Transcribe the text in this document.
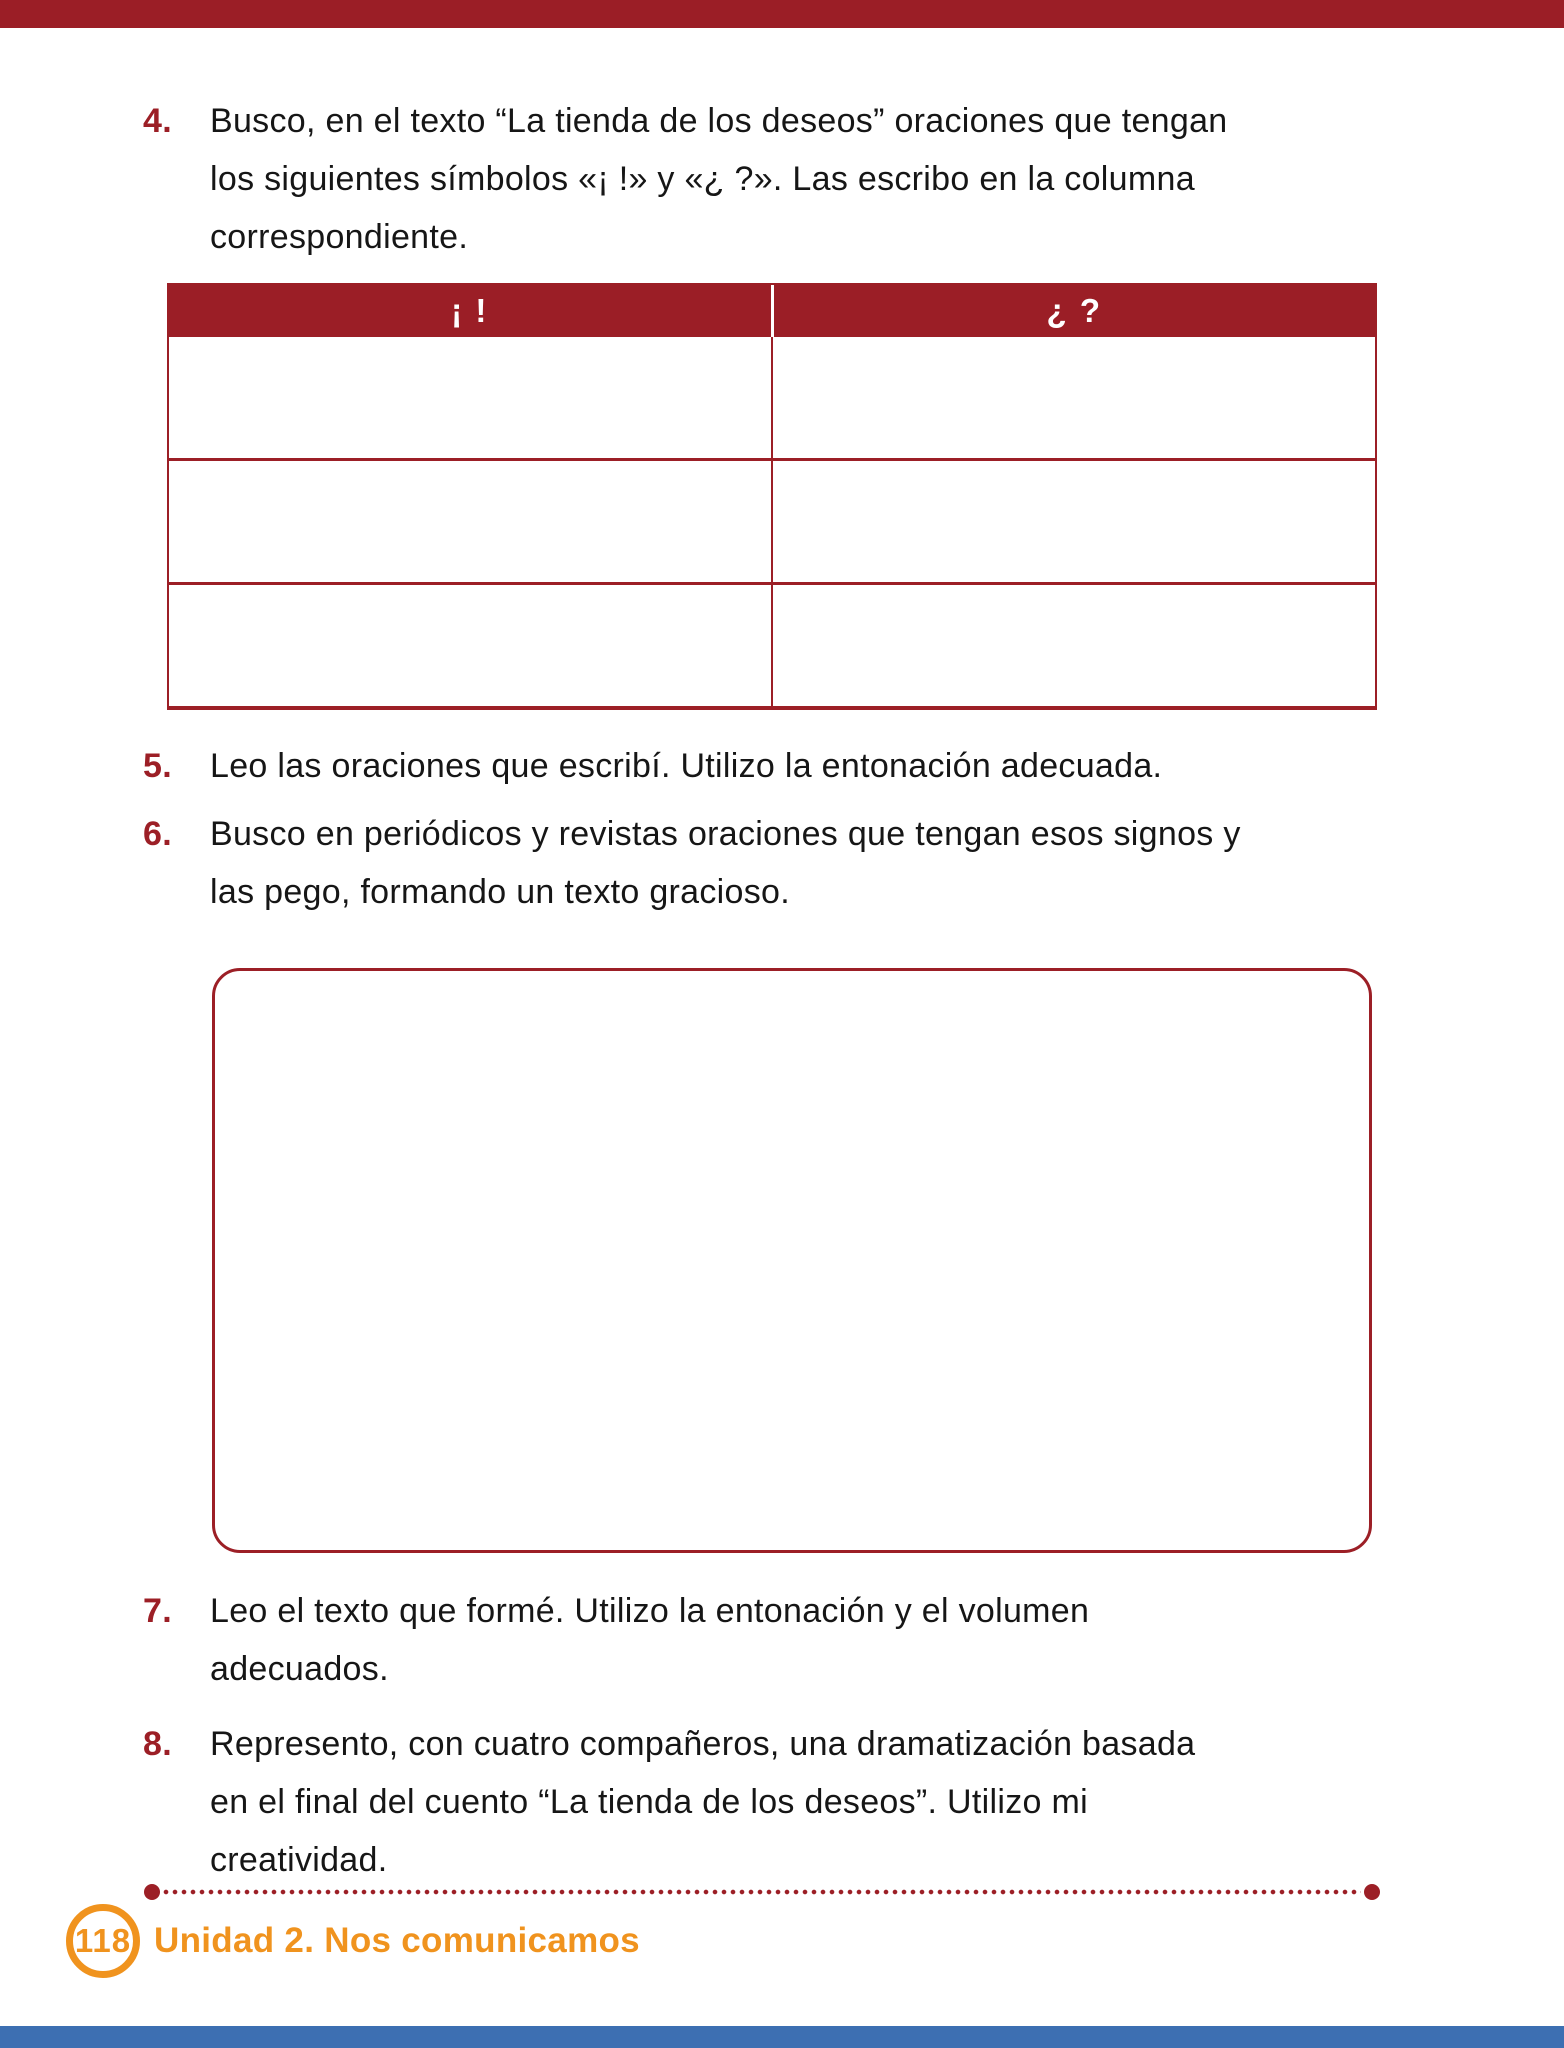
4.	Busco, en el texto “La tienda de los deseos” oraciones que tengan
los siguientes símbolos «¡ !» y «¿ ?». Las escribo en la columna
correspondiente.
¡ !	¿ ?
5.	Leo las oraciones que escribí. Utilizo la entonación adecuada.
6.	Busco en periódicos y revistas oraciones que tengan esos signos y
las pego, formando un texto gracioso.
7.	Leo el texto que formé. Utilizo la entonación y el volumen
adecuados.
8.	Represento, con cuatro compañeros, una dramatización basada
en el final del cuento “La tienda de los deseos”. Utilizo mi
creatividad.
118 Unidad 2. Nos comunicamos
